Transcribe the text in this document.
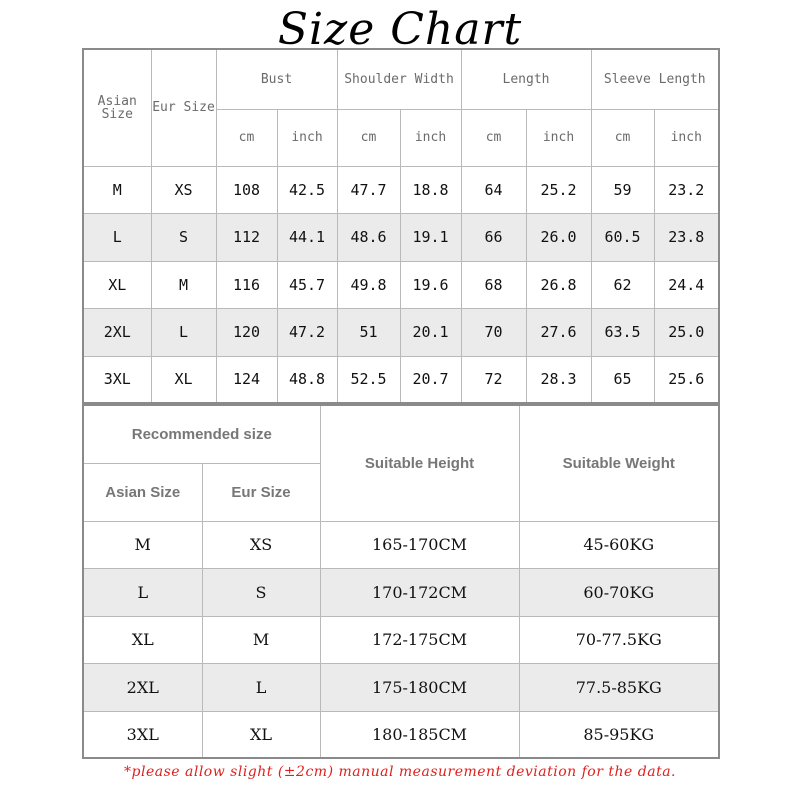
Size Chart
Asian Size	Eur Size	Bust		Shoulder Width		Length		Sleeve Length	
		cm	inch	cm	inch	cm	inch	cm	inch
M	XS	108	42.5	47.7	18.8	64	25.2	59	23.2
L	S	112	44.1	48.6	19.1	66	26.0	60.5	23.8
XL	M	116	45.7	49.8	19.6	68	26.8	62	24.4
2XL	L	120	47.2	51	20.1	70	27.6	63.5	25.0
3XL	XL	124	48.8	52.5	20.7	72	28.3	65	25.6
Recommended size		Suitable Height	Suitable Weight
Asian Size	Eur Size		
M	XS	165-170CM	45-60KG
L	S	170-172CM	60-70KG
XL	M	172-175CM	70-77.5KG
2XL	L	175-180CM	77.5-85KG
3XL	XL	180-185CM	85-95KG
*please allow slight (±2cm) manual measurement deviation for the data.
